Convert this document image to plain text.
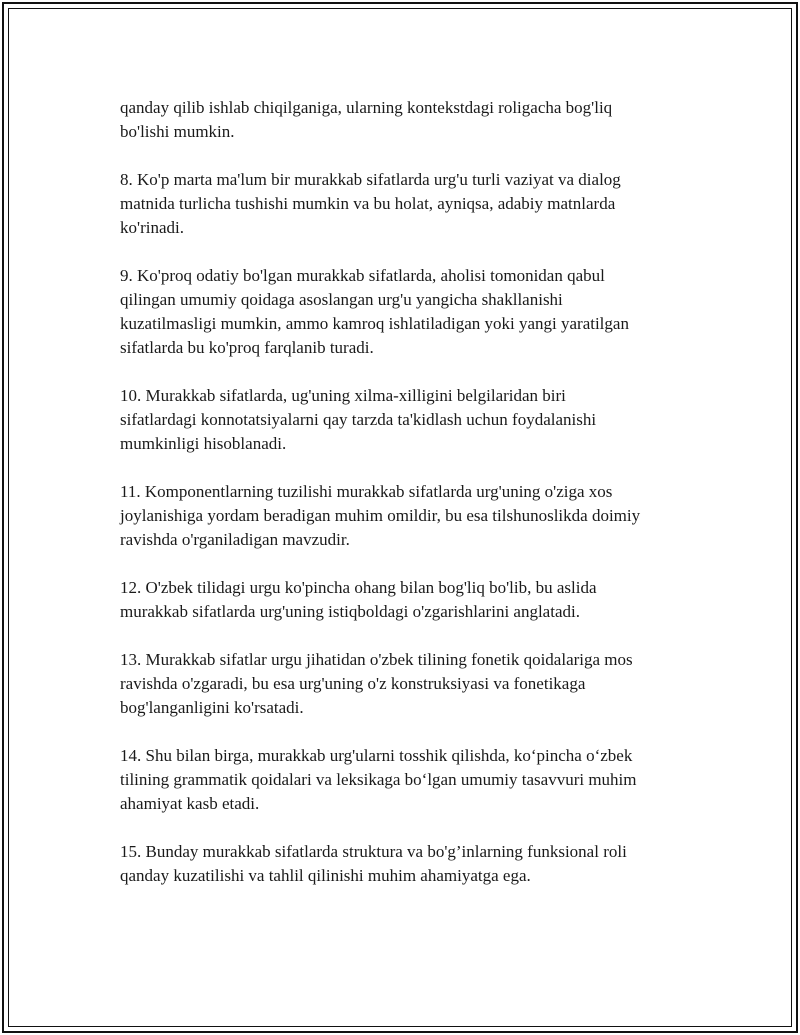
qanday qilib ishlab chiqilganiga, ularning kontekstdagi roligacha bog'liq
bo'lishi mumkin.

8. Ko'p marta ma'lum bir murakkab sifatlarda urg'u turli vaziyat va dialog
matnida turlicha tushishi mumkin va bu holat, ayniqsa, adabiy matnlarda
ko'rinadi.

9. Ko'proq odatiy bo'lgan murakkab sifatlarda, aholisi tomonidan qabul
qilingan umumiy qoidaga asoslangan urg'u yangicha shakllanishi
kuzatilmasligi mumkin, ammo kamroq ishlatiladigan yoki yangi yaratilgan
sifatlarda bu ko'proq farqlanib turadi.

10. Murakkab sifatlarda, ug'uning xilma-xilligini belgilaridan biri
sifatlardagi konnotatsiyalarni qay tarzda ta'kidlash uchun foydalanishi
mumkinligi hisoblanadi.

11. Komponentlarning tuzilishi murakkab sifatlarda urg'uning o'ziga xos
joylanishiga yordam beradigan muhim omildir, bu esa tilshunoslikda doimiy
ravishda o'rganiladigan mavzudir.

12. O'zbek tilidagi urgu ko'pincha ohang bilan bog'liq bo'lib, bu aslida
murakkab sifatlarda urg'uning istiqboldagi o'zgarishlarini anglatadi.

13. Murakkab sifatlar urgu jihatidan o'zbek tilining fonetik qoidalariga mos
ravishda o'zgaradi, bu esa urg'uning o'z konstruksiyasi va fonetikaga
bog'langanligini ko'rsatadi.

14. Shu bilan birga, murakkab urg'ularni tosshik qilishda, ko‘pincha o‘zbek
tilining grammatik qoidalari va leksikaga bo‘lgan umumiy tasavvuri muhim
ahamiyat kasb etadi.

15. Bunday murakkab sifatlarda struktura va bo'g’inlarning funksional roli
qanday kuzatilishi va tahlil qilinishi muhim ahamiyatga ega.
